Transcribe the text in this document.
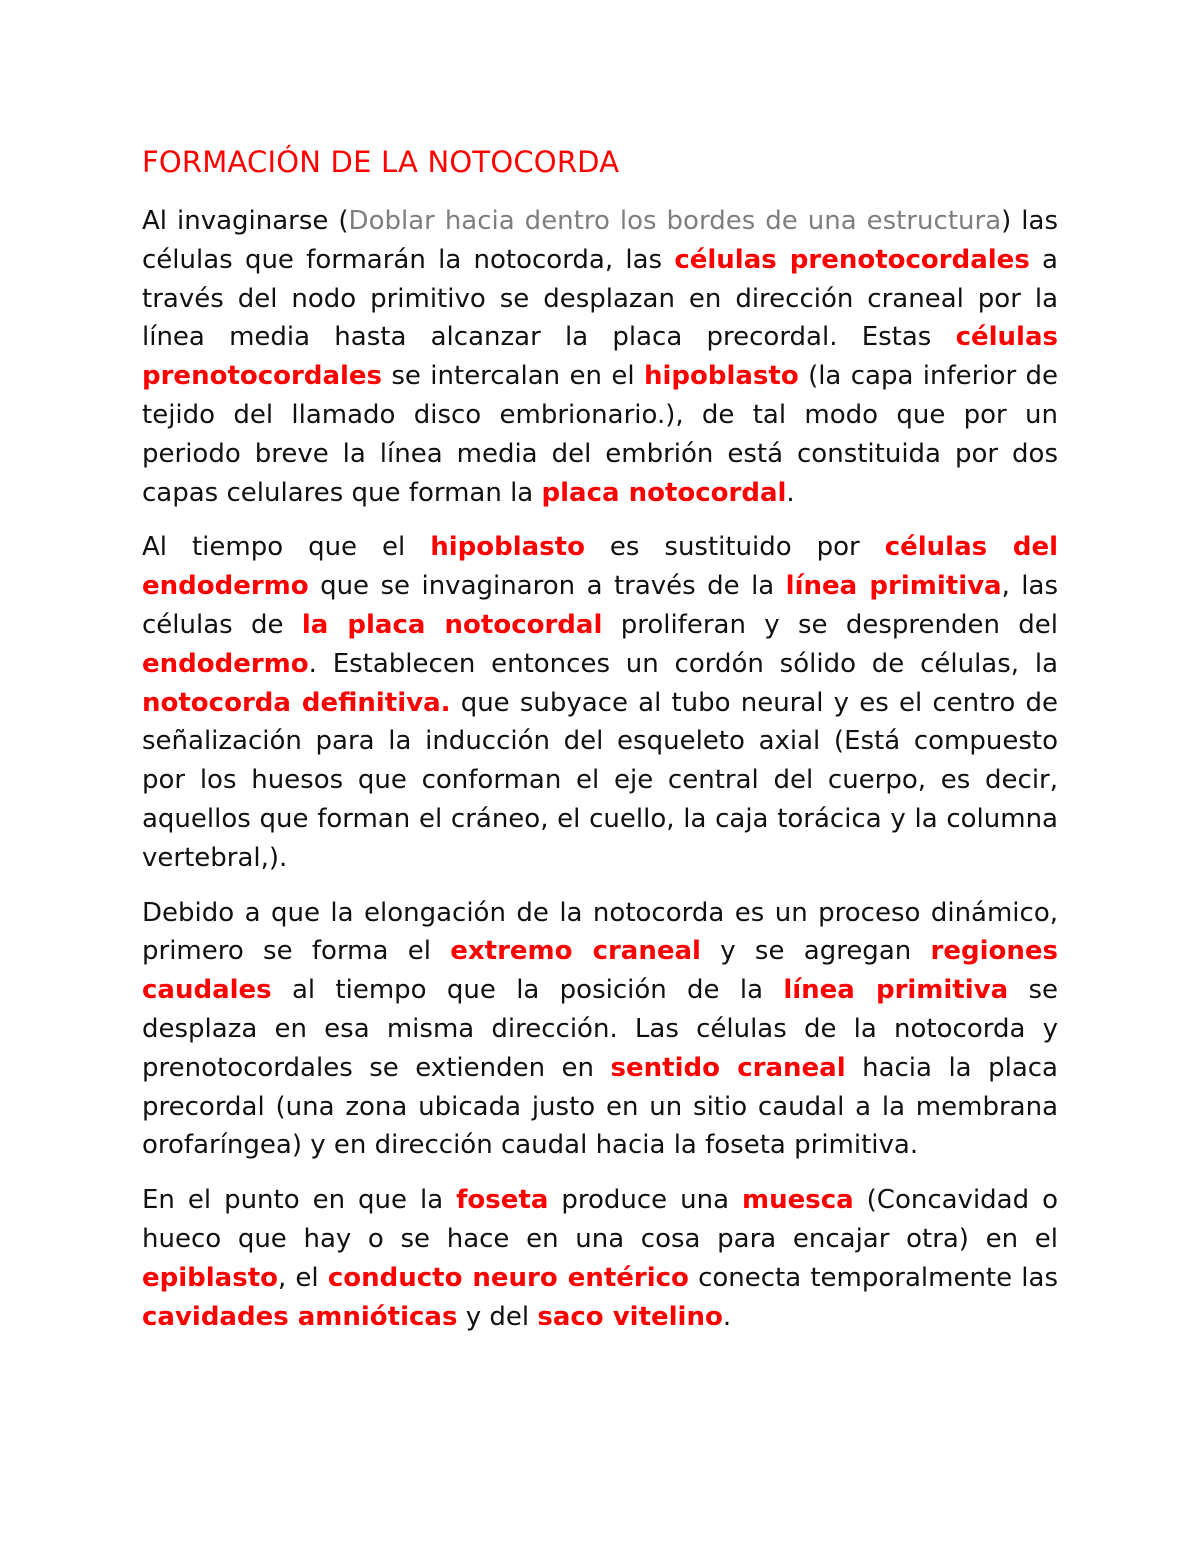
FORMACIÓN DE LA NOTOCORDA

Al invaginarse (Doblar hacia dentro los bordes de una estructura) las células que formarán la notocorda, las células prenotocordales a través del nodo primitivo se desplazan en dirección craneal por la línea media hasta alcanzar la placa precordal. Estas células prenotocordales se intercalan en el hipoblasto (la capa inferior de tejido del llamado disco embrionario.), de tal modo que por un periodo breve la línea media del embrión está constituida por dos capas celulares que forman la placa notocordal.

Al tiempo que el hipoblasto es sustituido por células del endodermo que se invaginaron a través de la línea primitiva, las células de la placa notocordal proliferan y se desprenden del endodermo. Establecen entonces un cordón sólido de células, la notocorda definitiva. que subyace al tubo neural y es el centro de señalización para la inducción del esqueleto axial (Está compuesto por los huesos que conforman el eje central del cuerpo, es decir, aquellos que forman el cráneo, el cuello, la caja torácica y la columna vertebral,).

Debido a que la elongación de la notocorda es un proceso dinámico, primero se forma el extremo craneal y se agregan regiones caudales al tiempo que la posición de la línea primitiva se desplaza en esa misma dirección. Las células de la notocorda y prenotocordales se extienden en sentido craneal hacia la placa precordal (una zona ubicada justo en un sitio caudal a la membrana orofaríngea) y en dirección caudal hacia la foseta primitiva.

En el punto en que la foseta produce una muesca (Concavidad o hueco que hay o se hace en una cosa para encajar otra) en el epiblasto, el conducto neuro entérico conecta temporalmente las cavidades amnióticas y del saco vitelino.
